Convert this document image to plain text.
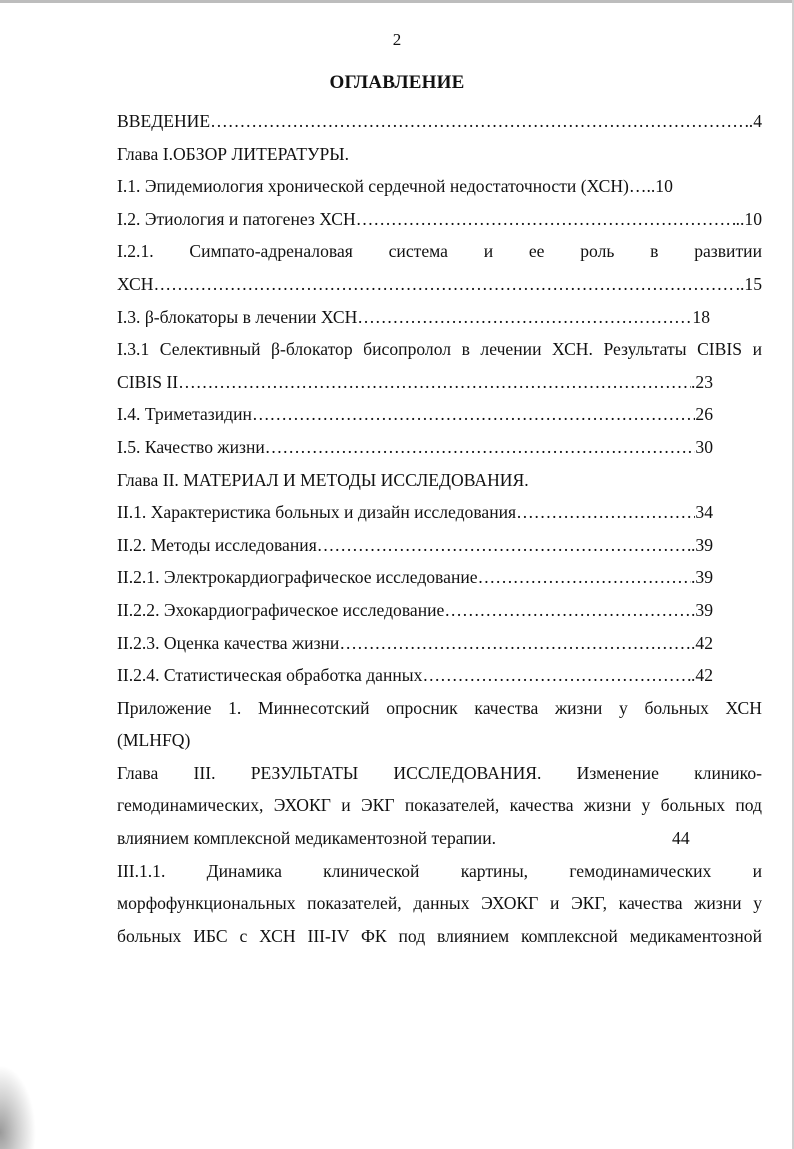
2
ОГЛАВЛЕНИЕ
ВВЕДЕНИЕ ……………………………………………………………………………………………………………………………………………	.4
Глава I.ОБЗОР ЛИТЕРАТУРЫ.
I.1. Эпидемиология хронической сердечной недостаточности (ХСН) …..10
I.2. Этиология и патогенез ХСН ……………………………………………………………………………………………………………………………………………	..10
I.2.1. Симпато-адреналовая система и ее роль в развитии
ХСН ……………………………………………………………………………………………………………………………………………	..15
I.3. β-блокаторы в лечении ХСН ……………………………………………………………………………………………………………………………………………	18
I.3.1 Селективный β-блокатор бисопролол в лечении ХСН. Результаты CIBIS и
CIBIS II ……………………………………………………………………………………………………………………………………………	.23
I.4. Триметазидин ……………………………………………………………………………………………………………………………………………	26
I.5. Качество жизни ……………………………………………………………………………………………………………………………………………	30
Глава II. МАТЕРИАЛ И МЕТОДЫ ИССЛЕДОВАНИЯ.
II.1. Характеристика больных и дизайн исследования ……………………………………………………………………………………………………………………………………………	34
II.2. Методы исследования ……………………………………………………………………………………………………………………………………………	.39
II.2.1. Электрокардиографическое исследование ……………………………………………………………………………………………………………………………………………	.39
II.2.2. Эхокардиографическое исследование ……………………………………………………………………………………………………………………………………………	.39
II.2.3. Оценка качества жизни ……………………………………………………………………………………………………………………………………………	.42
II.2.4. Статистическая обработка данных ……………………………………………………………………………………………………………………………………………	.42
Приложение 1. Миннесотский опросник качества жизни у больных ХСН
(MLHFQ)
Глава III. РЕЗУЛЬТАТЫ ИССЛЕДОВАНИЯ. Изменение клинико-
гемодинамических, ЭХОКГ и ЭКГ показателей, качества жизни у больных под
влиянием комплексной медикаментозной терапии.	44
III.1.1. Динамика клинической картины, гемодинамических и
морфофункциональных показателей, данных ЭХОКГ и ЭКГ, качества жизни у
больных ИБС с ХСН III-IV ФК под влиянием комплексной медикаментозной
